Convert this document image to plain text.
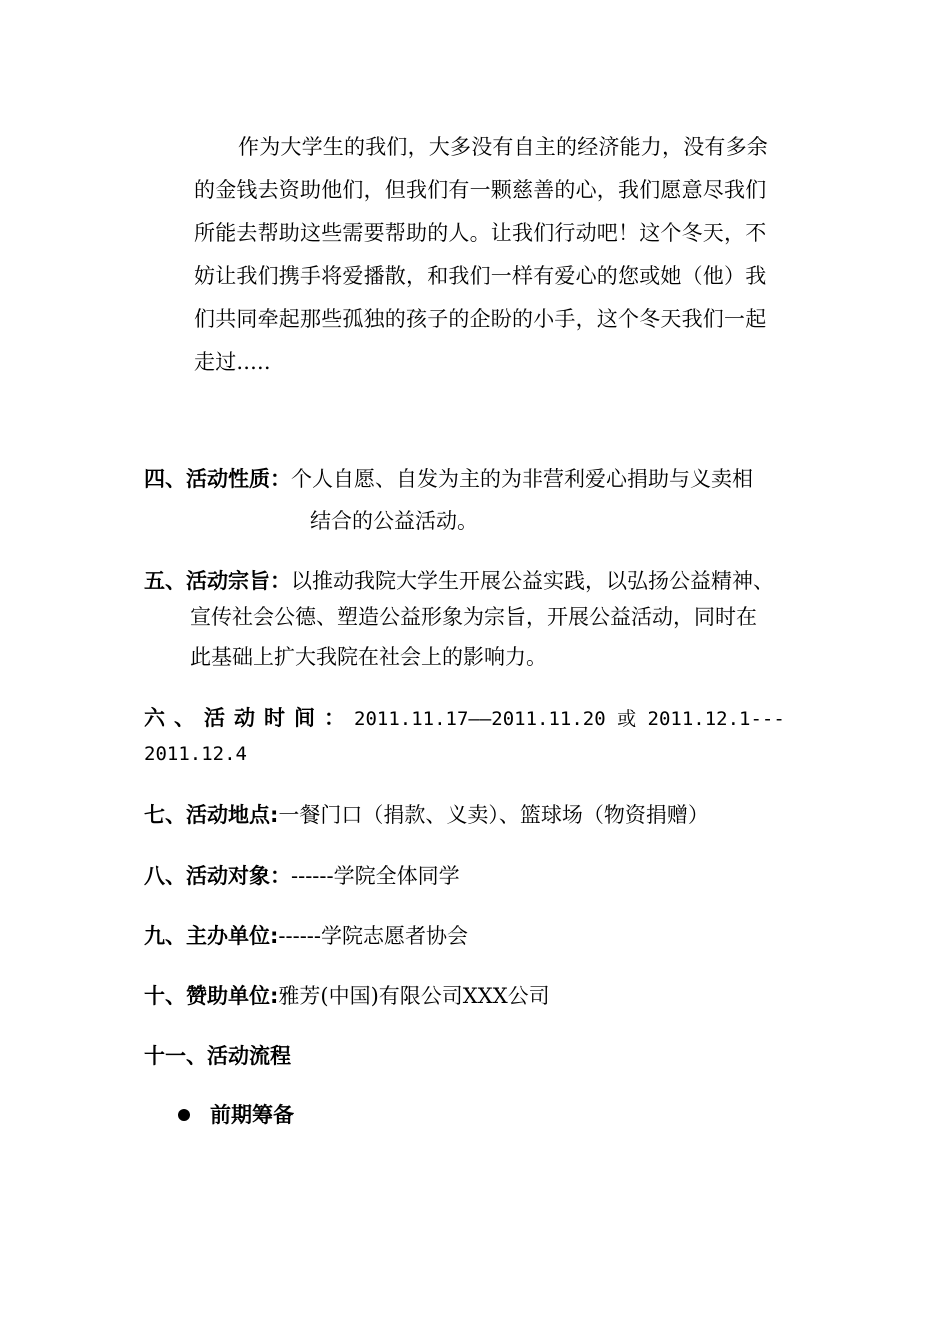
作为大学生的我们，大多没有自主的经济能力，没有多余
的金钱去资助他们，但我们有一颗慈善的心，我们愿意尽我们
所能去帮助这些需要帮助的人。让我们行动吧！这个冬天，不
妨让我们携手将爱播散，和我们一样有爱心的您或她（他）我
们共同牵起那些孤独的孩子的企盼的小手，这个冬天我们一起
走过.....
四、活动性质：个人自愿、自发为主的为非营利爱心捐助与义卖相
结合的公益活动。
五、活动宗旨：以推动我院大学生开展公益实践，以弘扬公益精神、
宣传社会公德、塑造公益形象为宗旨，开展公益活动，同时在
此基础上扩大我院在社会上的影响力。
六、活动时间：2011.11.17——2011.11.20 或 2011.12.1---
2011.12.4
七、活动地点:一餐门口（捐款、义卖）、篮球场（物资捐赠）
八、活动对象：------学院全体同学
九、主办单位:------学院志愿者协会
十、赞助单位:雅芳(中国)有限公司XXX公司
十一、活动流程
前期筹备
